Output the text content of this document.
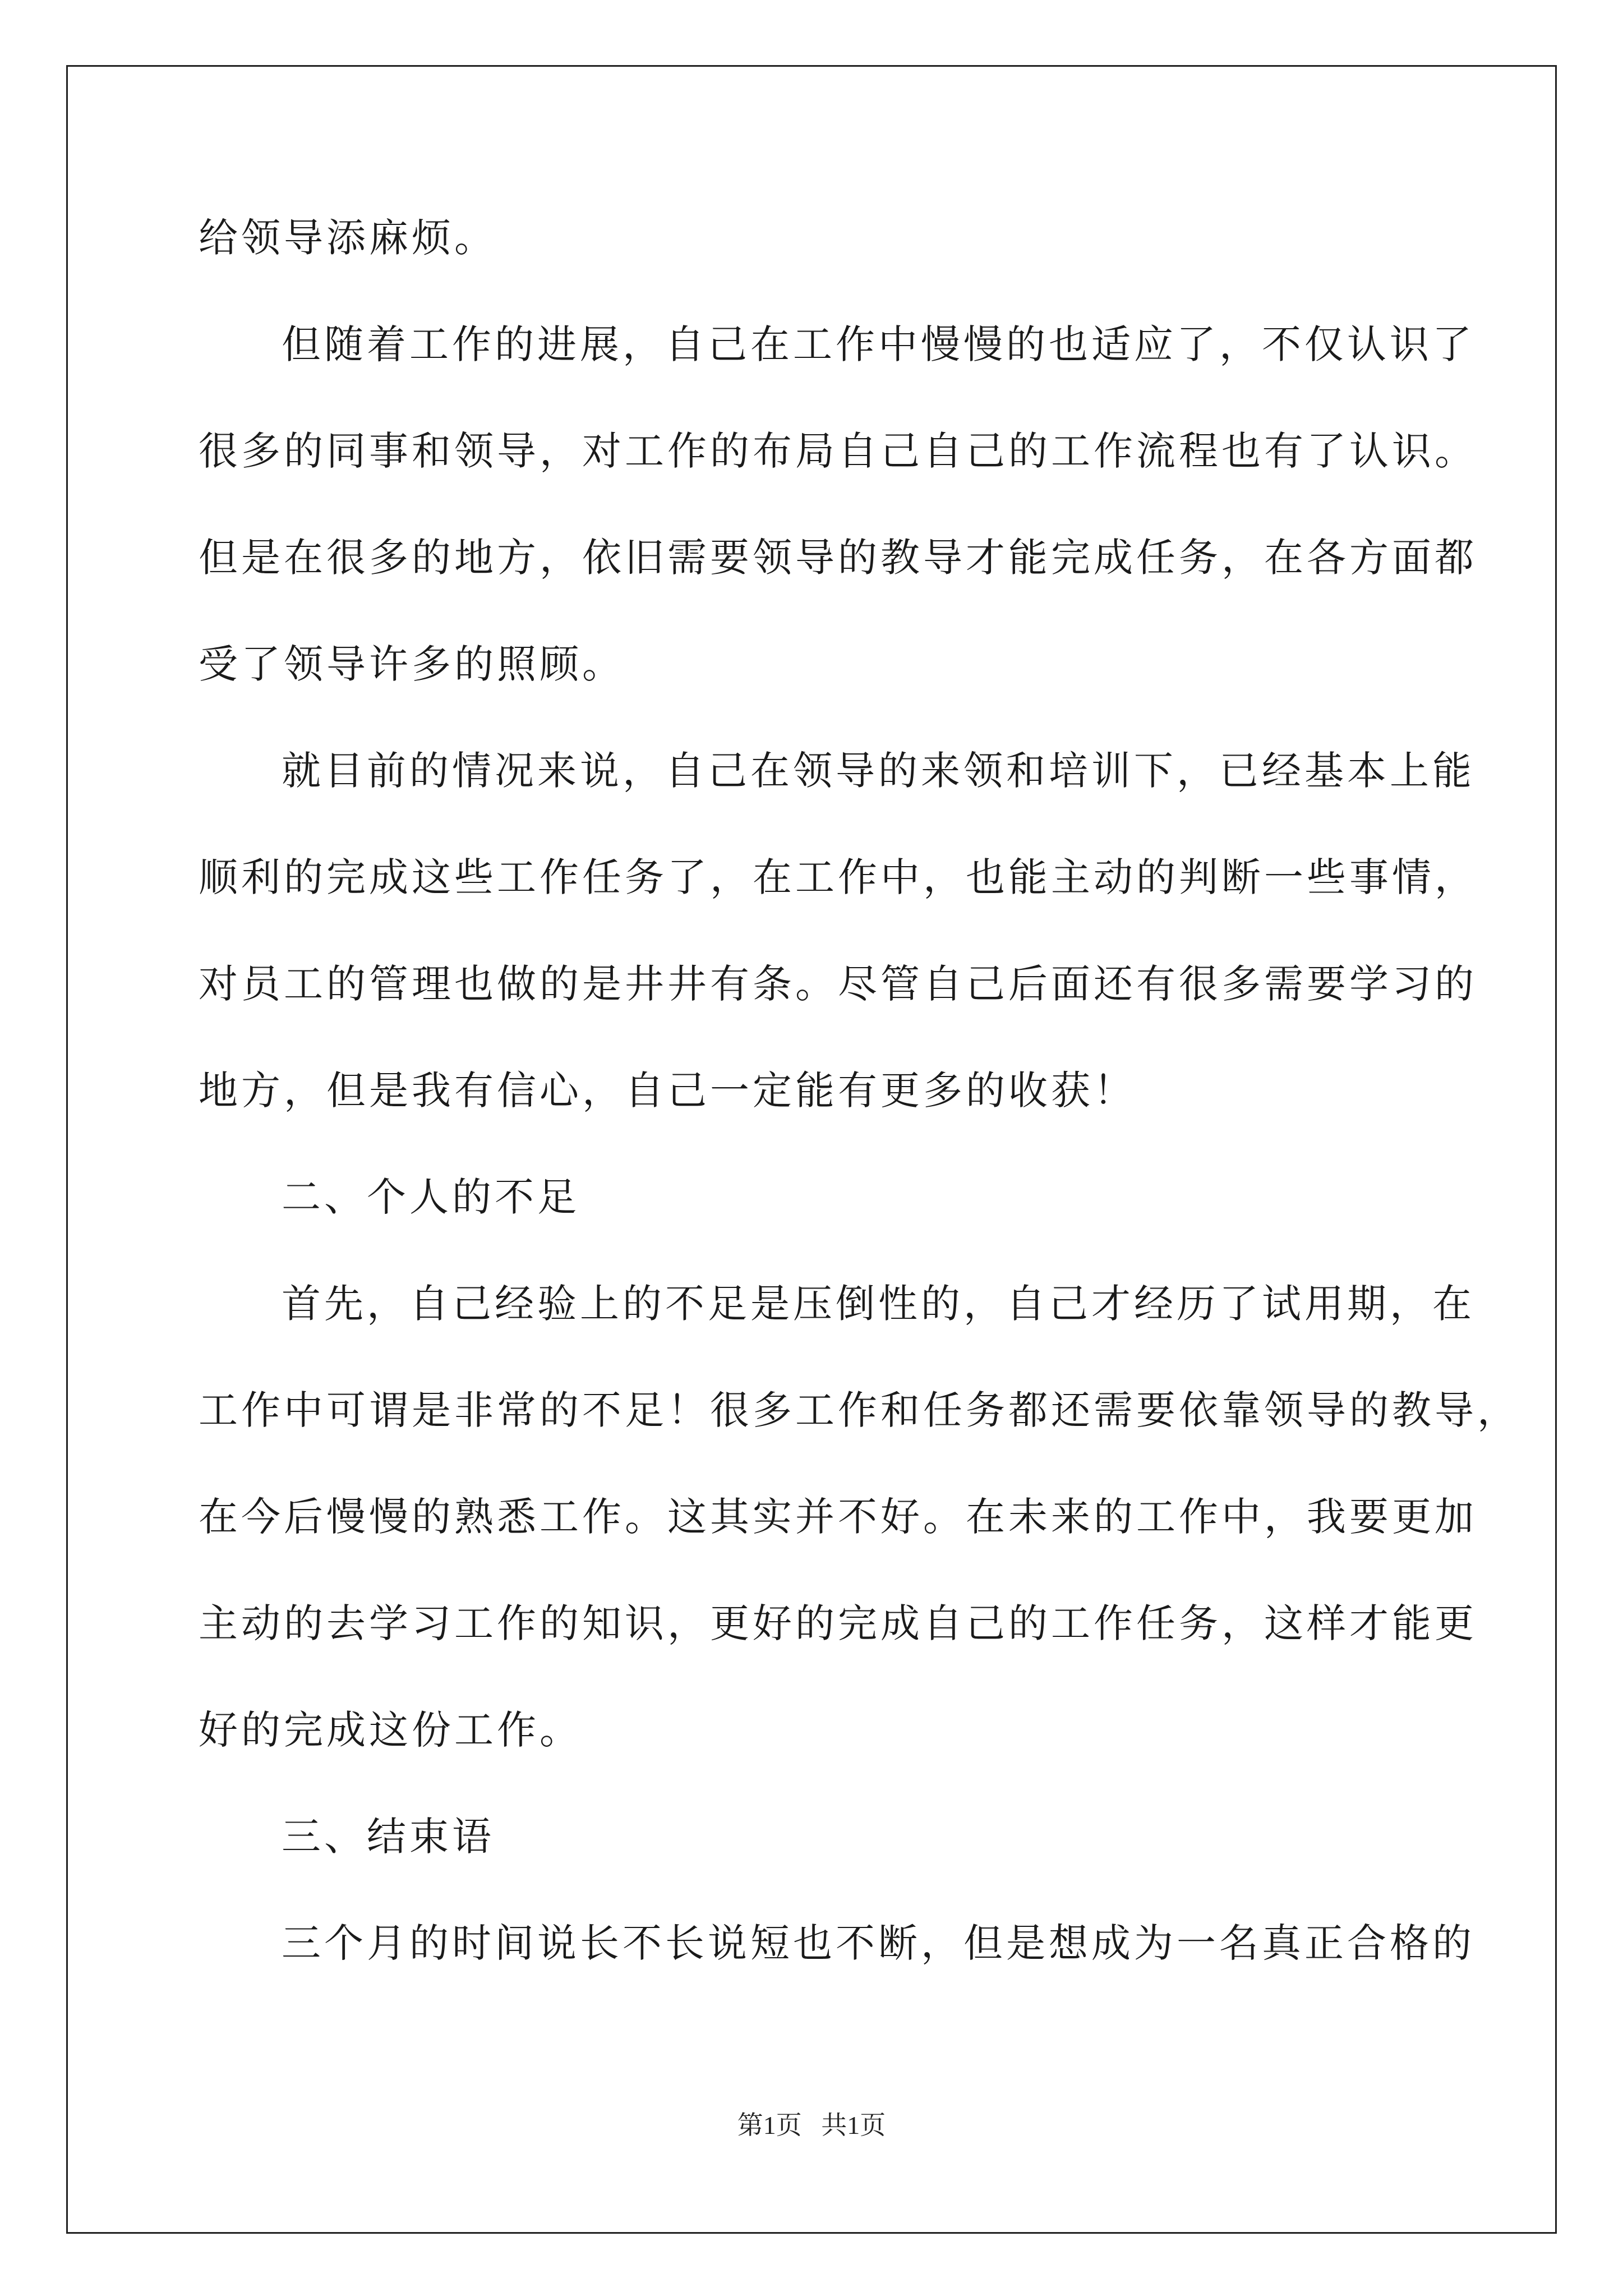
给领导添麻烦。
但随着工作的进展，自己在工作中慢慢的也适应了，不仅认识了
很多的同事和领导，对工作的布局自己自己的工作流程也有了认识。
但是在很多的地方，依旧需要领导的教导才能完成任务，在各方面都
受了领导许多的照顾。
就目前的情况来说，自己在领导的来领和培训下，已经基本上能
顺利的完成这些工作任务了，在工作中，也能主动的判断一些事情，
对员工的管理也做的是井井有条。尽管自己后面还有很多需要学习的
地方，但是我有信心，自己一定能有更多的收获！
二、个人的不足
首先，自己经验上的不足是压倒性的，自己才经历了试用期，在
工作中可谓是非常的不足！很多工作和任务都还需要依靠领导的教导，
在今后慢慢的熟悉工作。这其实并不好。在未来的工作中，我要更加
主动的去学习工作的知识，更好的完成自己的工作任务，这样才能更
好的完成这份工作。
三、结束语
三个月的时间说长不长说短也不断，但是想成为一名真正合格的
第1页   共1页
